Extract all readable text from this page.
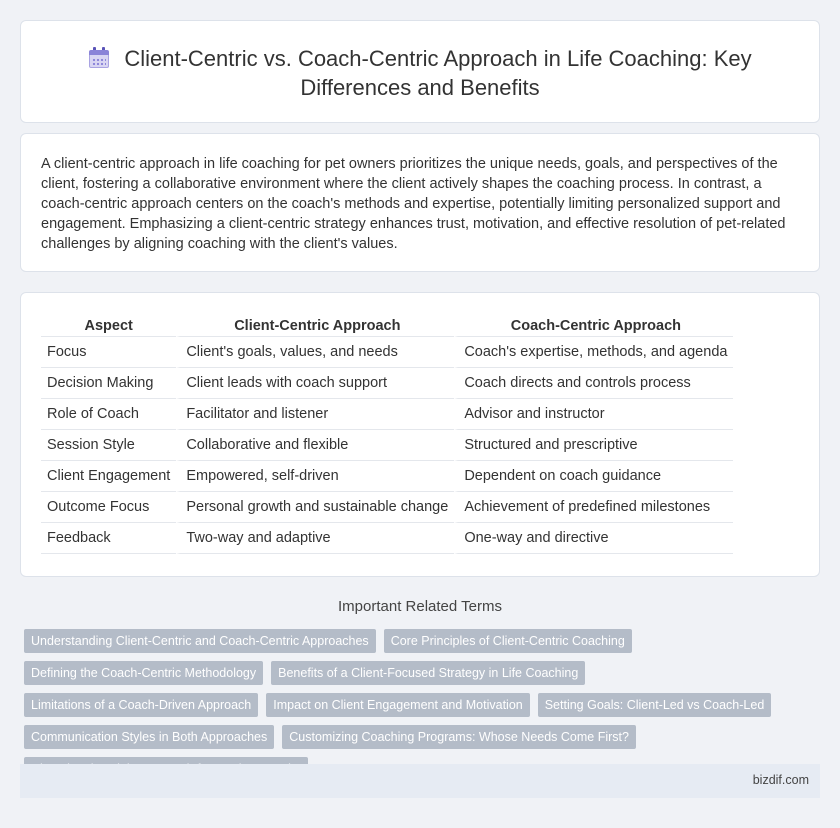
Client-Centric vs. Coach-Centric Approach in Life Coaching: Key
Differences and Benefits

A client-centric approach in life coaching for pet owners prioritizes the unique needs, goals, and perspectives of the client, fostering a collaborative environment where the client actively shapes the coaching process. In contrast, a coach-centric approach centers on the coach's methods and expertise, potentially limiting personalized support and engagement. Emphasizing a client-centric strategy enhances trust, motivation, and effective resolution of pet-related challenges by aligning coaching with the client's values.

Aspect	Client-Centric Approach	Coach-Centric Approach
Focus	Client's goals, values, and needs	Coach's expertise, methods, and agenda
Decision Making	Client leads with coach support	Coach directs and controls process
Role of Coach	Facilitator and listener	Advisor and instructor
Session Style	Collaborative and flexible	Structured and prescriptive
Client Engagement	Empowered, self-driven	Dependent on coach guidance
Outcome Focus	Personal growth and sustainable change	Achievement of predefined milestones
Feedback	Two-way and adaptive	One-way and directive
Important Related Terms
Understanding Client-Centric and Coach-Centric Approaches	Core Principles of Client-Centric Coaching
Defining the Coach-Centric Methodology	Benefits of a Client-Focused Strategy in Life Coaching
Limitations of a Coach-Driven Approach	Impact on Client Engagement and Motivation	Setting Goals: Client-Led vs Coach-Led
Communication Styles in Both Approaches	Customizing Coaching Programs: Whose Needs Come First?
bizdif.com
